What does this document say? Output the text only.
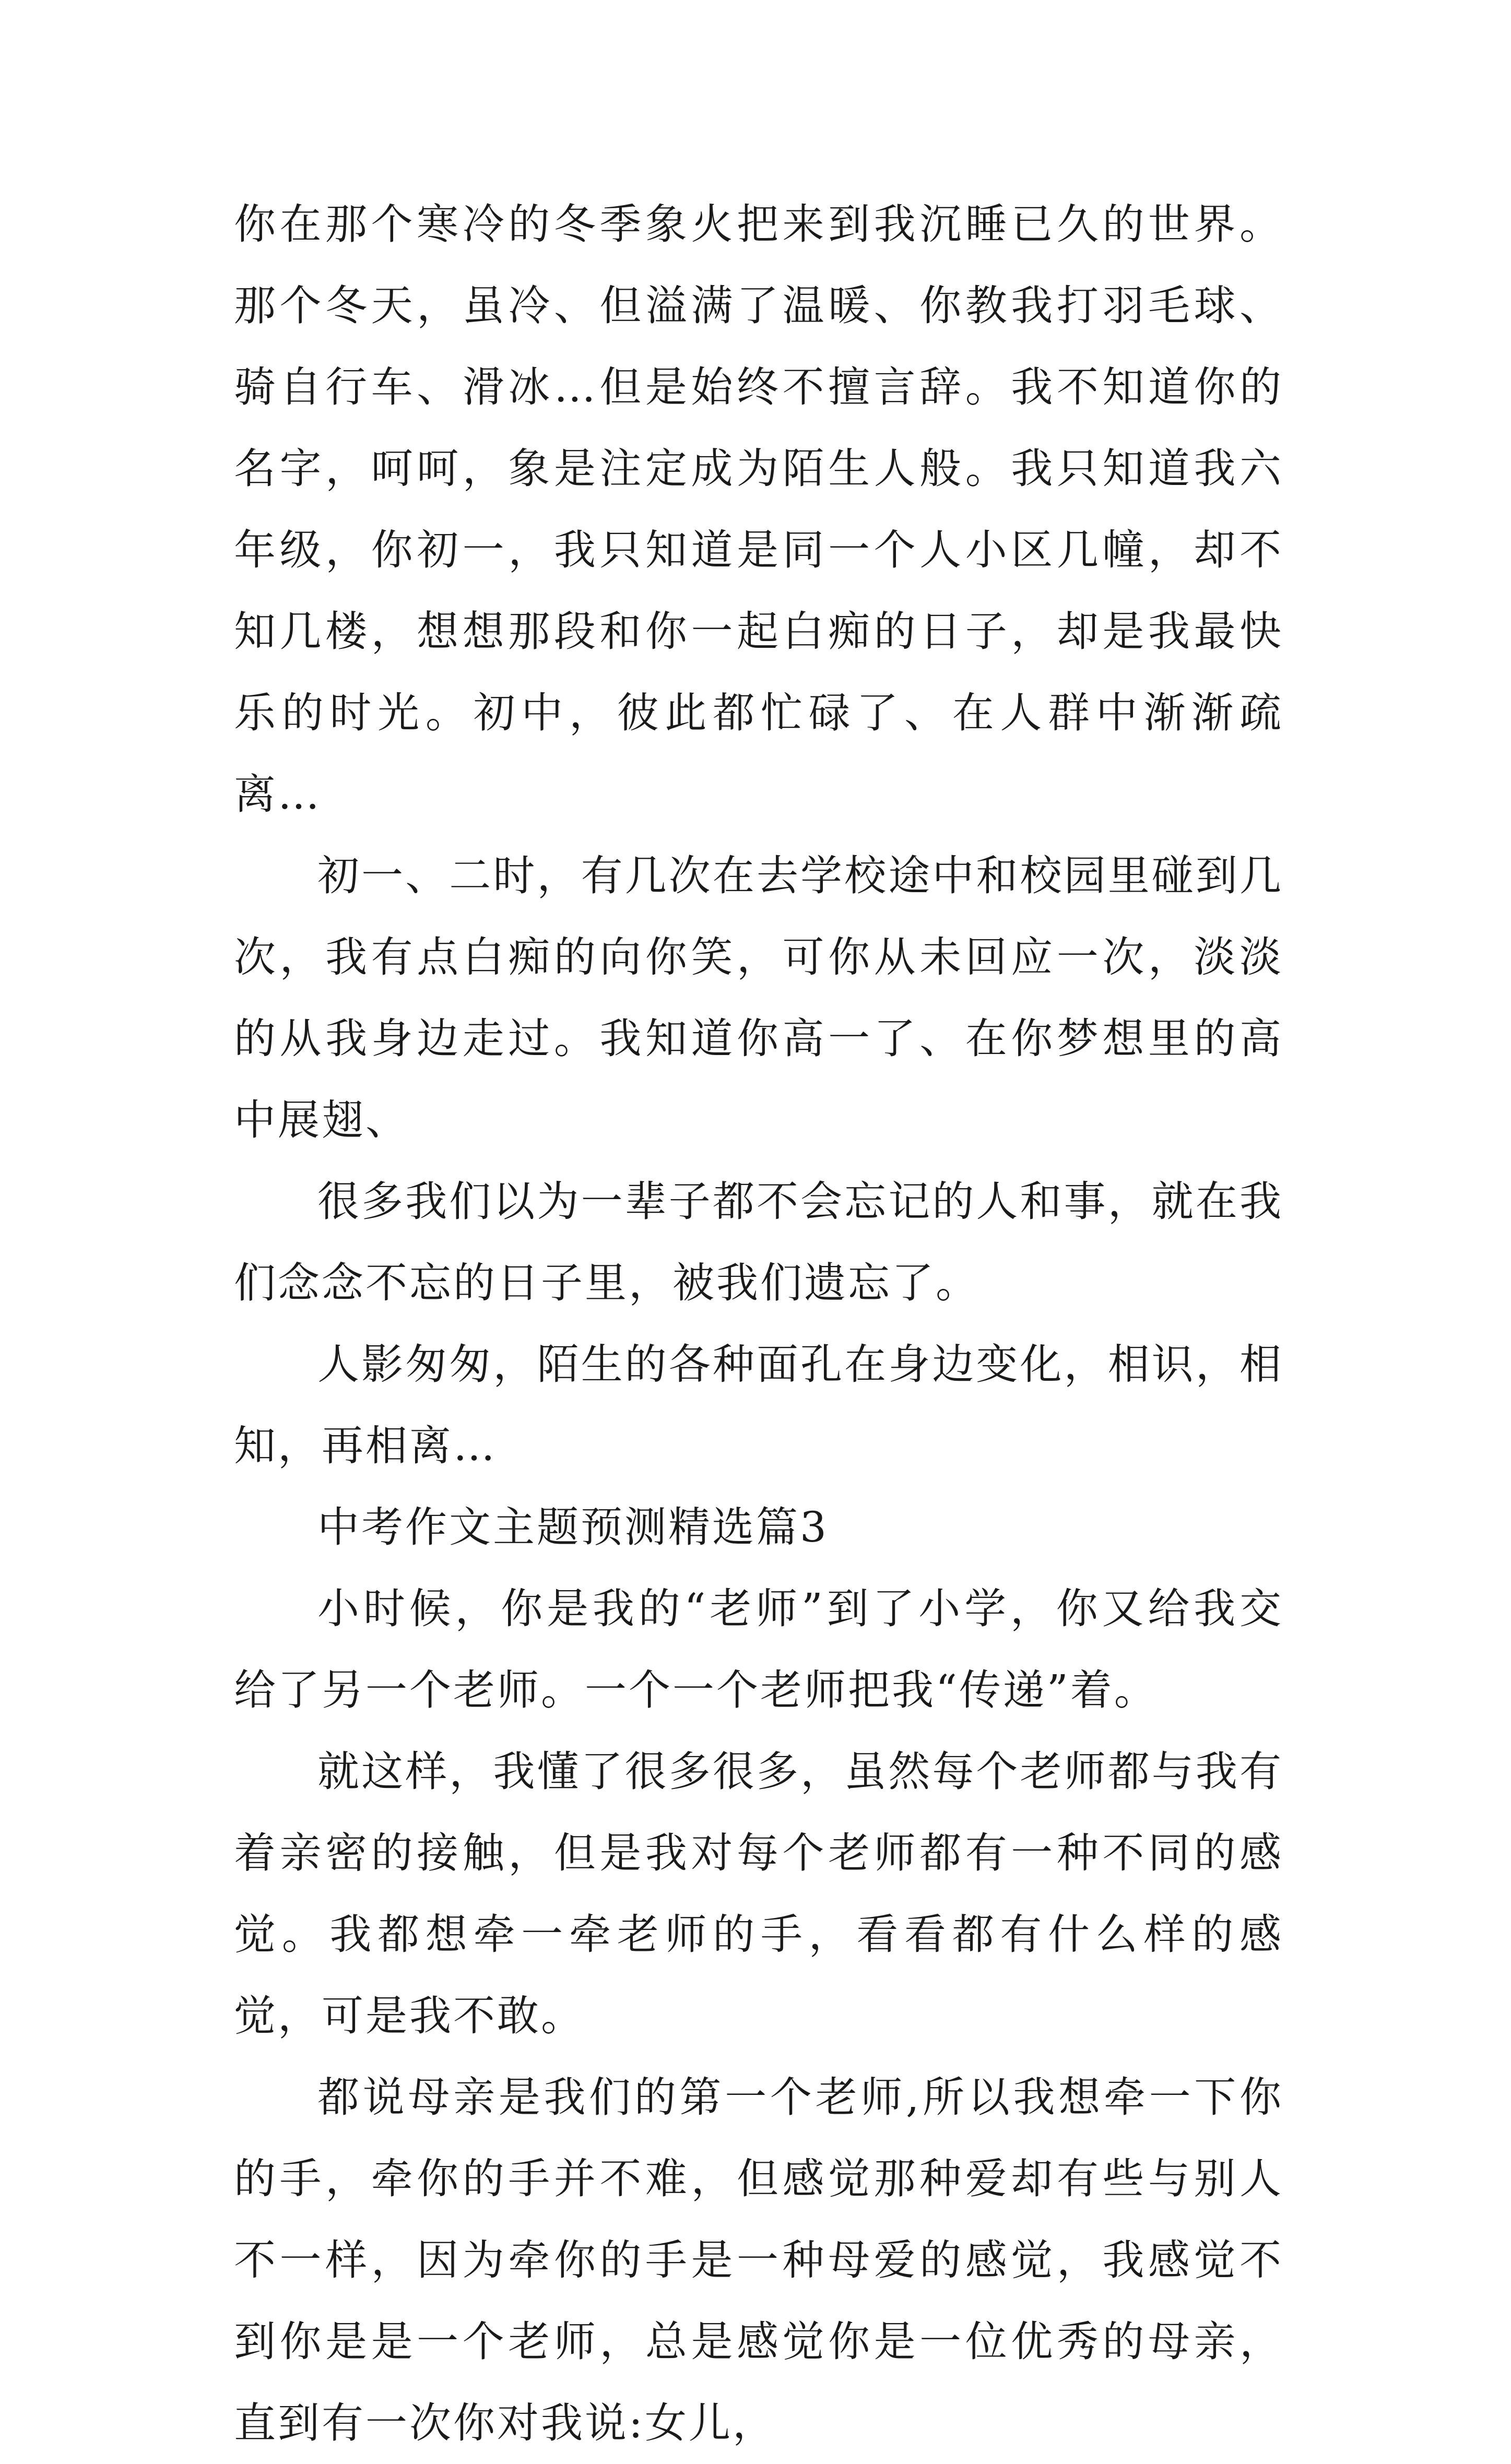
你在那个寒冷的冬季象火把来到我沉睡已久的世界。那个冬天，虽冷、但溢满了温暖、你教我打羽毛球、骑自行车、滑冰…但是始终不擅言辞。我不知道你的名字，呵呵，象是注定成为陌生人般。我只知道我六年级，你初一，我只知道是同一个人小区几幢，却不知几楼，想想那段和你一起白痴的日子，却是我最快乐的时光。初中，彼此都忙碌了、在人群中渐渐疏离…

初一、二时，有几次在去学校途中和校园里碰到几次，我有点白痴的向你笑，可你从未回应一次，淡淡的从我身边走过。我知道你高一了、在你梦想里的高中展翅、

很多我们以为一辈子都不会忘记的人和事，就在我们念念不忘的日子里，被我们遗忘了。

人影匆匆，陌生的各种面孔在身边变化，相识，相知，再相离…

中考作文主题预测精选篇3

小时候，你是我的“老师”到了小学，你又给我交给了另一个老师。一个一个老师把我“传递”着。

就这样，我懂了很多很多，虽然每个老师都与我有着亲密的接触，但是我对每个老师都有一种不同的感觉。我都想牵一牵老师的手，看看都有什么样的感觉，可是我不敢。

都说母亲是我们的第一个老师,所以我想牵一下你的手，牵你的手并不难，但感觉那种爱却有些与别人不一样，因为牵你的手是一种母爱的感觉，我感觉不到你是是一个老师，总是感觉你是一位优秀的母亲，直到有一次你对我说:女儿，
